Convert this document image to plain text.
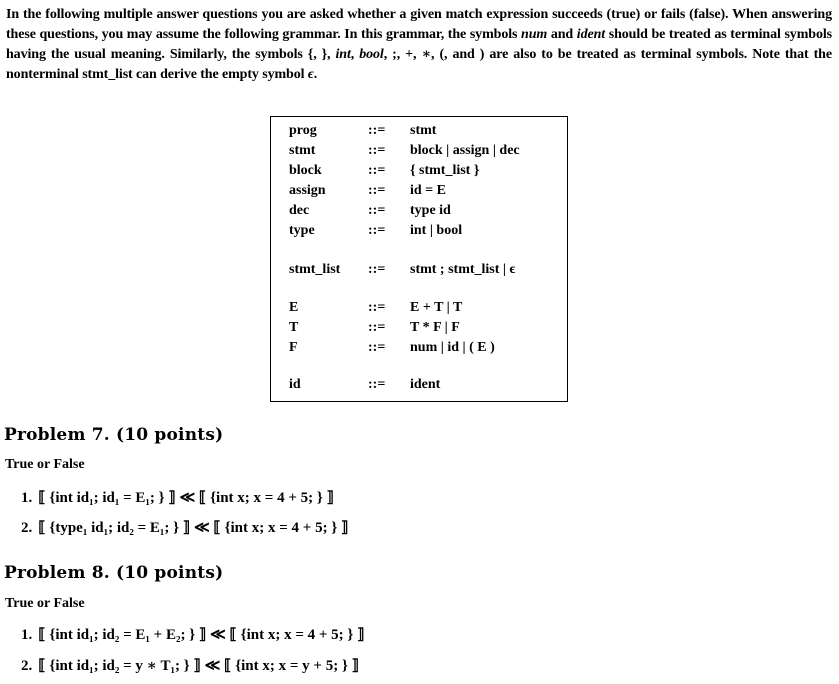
In the following multiple answer questions you are asked whether a given match expression succeeds (true) or fails (false). When answering these questions, you may assume the following grammar. In this grammar, the symbols num and ident should be treated as terminal symbols having the usual meaning. Similarly, the symbols {, }, int, bool, ;, +, ∗, (, and ) are also to be treated as terminal symbols. Note that the nonterminal stmt_list can derive the empty symbol ϵ.
prog	::= stmt
stmt	::= block | assign | dec
block	::= { stmt_list }
assign	::= id = E
dec	::= type id
type	::= int | bool
stmt_list ::= stmt ; stmt_list | ϵ
E	::= E + T | T
T	::= T * F | F
F	::= num | id | ( E )
id	::= ident
Problem 7. (10 points)
True or False
1. ⟦ {int id₁; id₁ = E₁; } ⟧ ≪ ⟦ {int x; x = 4 + 5; } ⟧
2. ⟦ {type₁ id₁; id₂ = E₁; } ⟧ ≪ ⟦ {int x; x = 4 + 5; } ⟧
Problem 8. (10 points)
True or False
1. ⟦ {int id₁; id₂ = E₁ + E₂; } ⟧ ≪ ⟦ {int x; x = 4 + 5; } ⟧
2. ⟦ {int id₁; id₂ = y ∗ T₁; } ⟧ ≪ ⟦ {int x; x = y + 5; } ⟧
